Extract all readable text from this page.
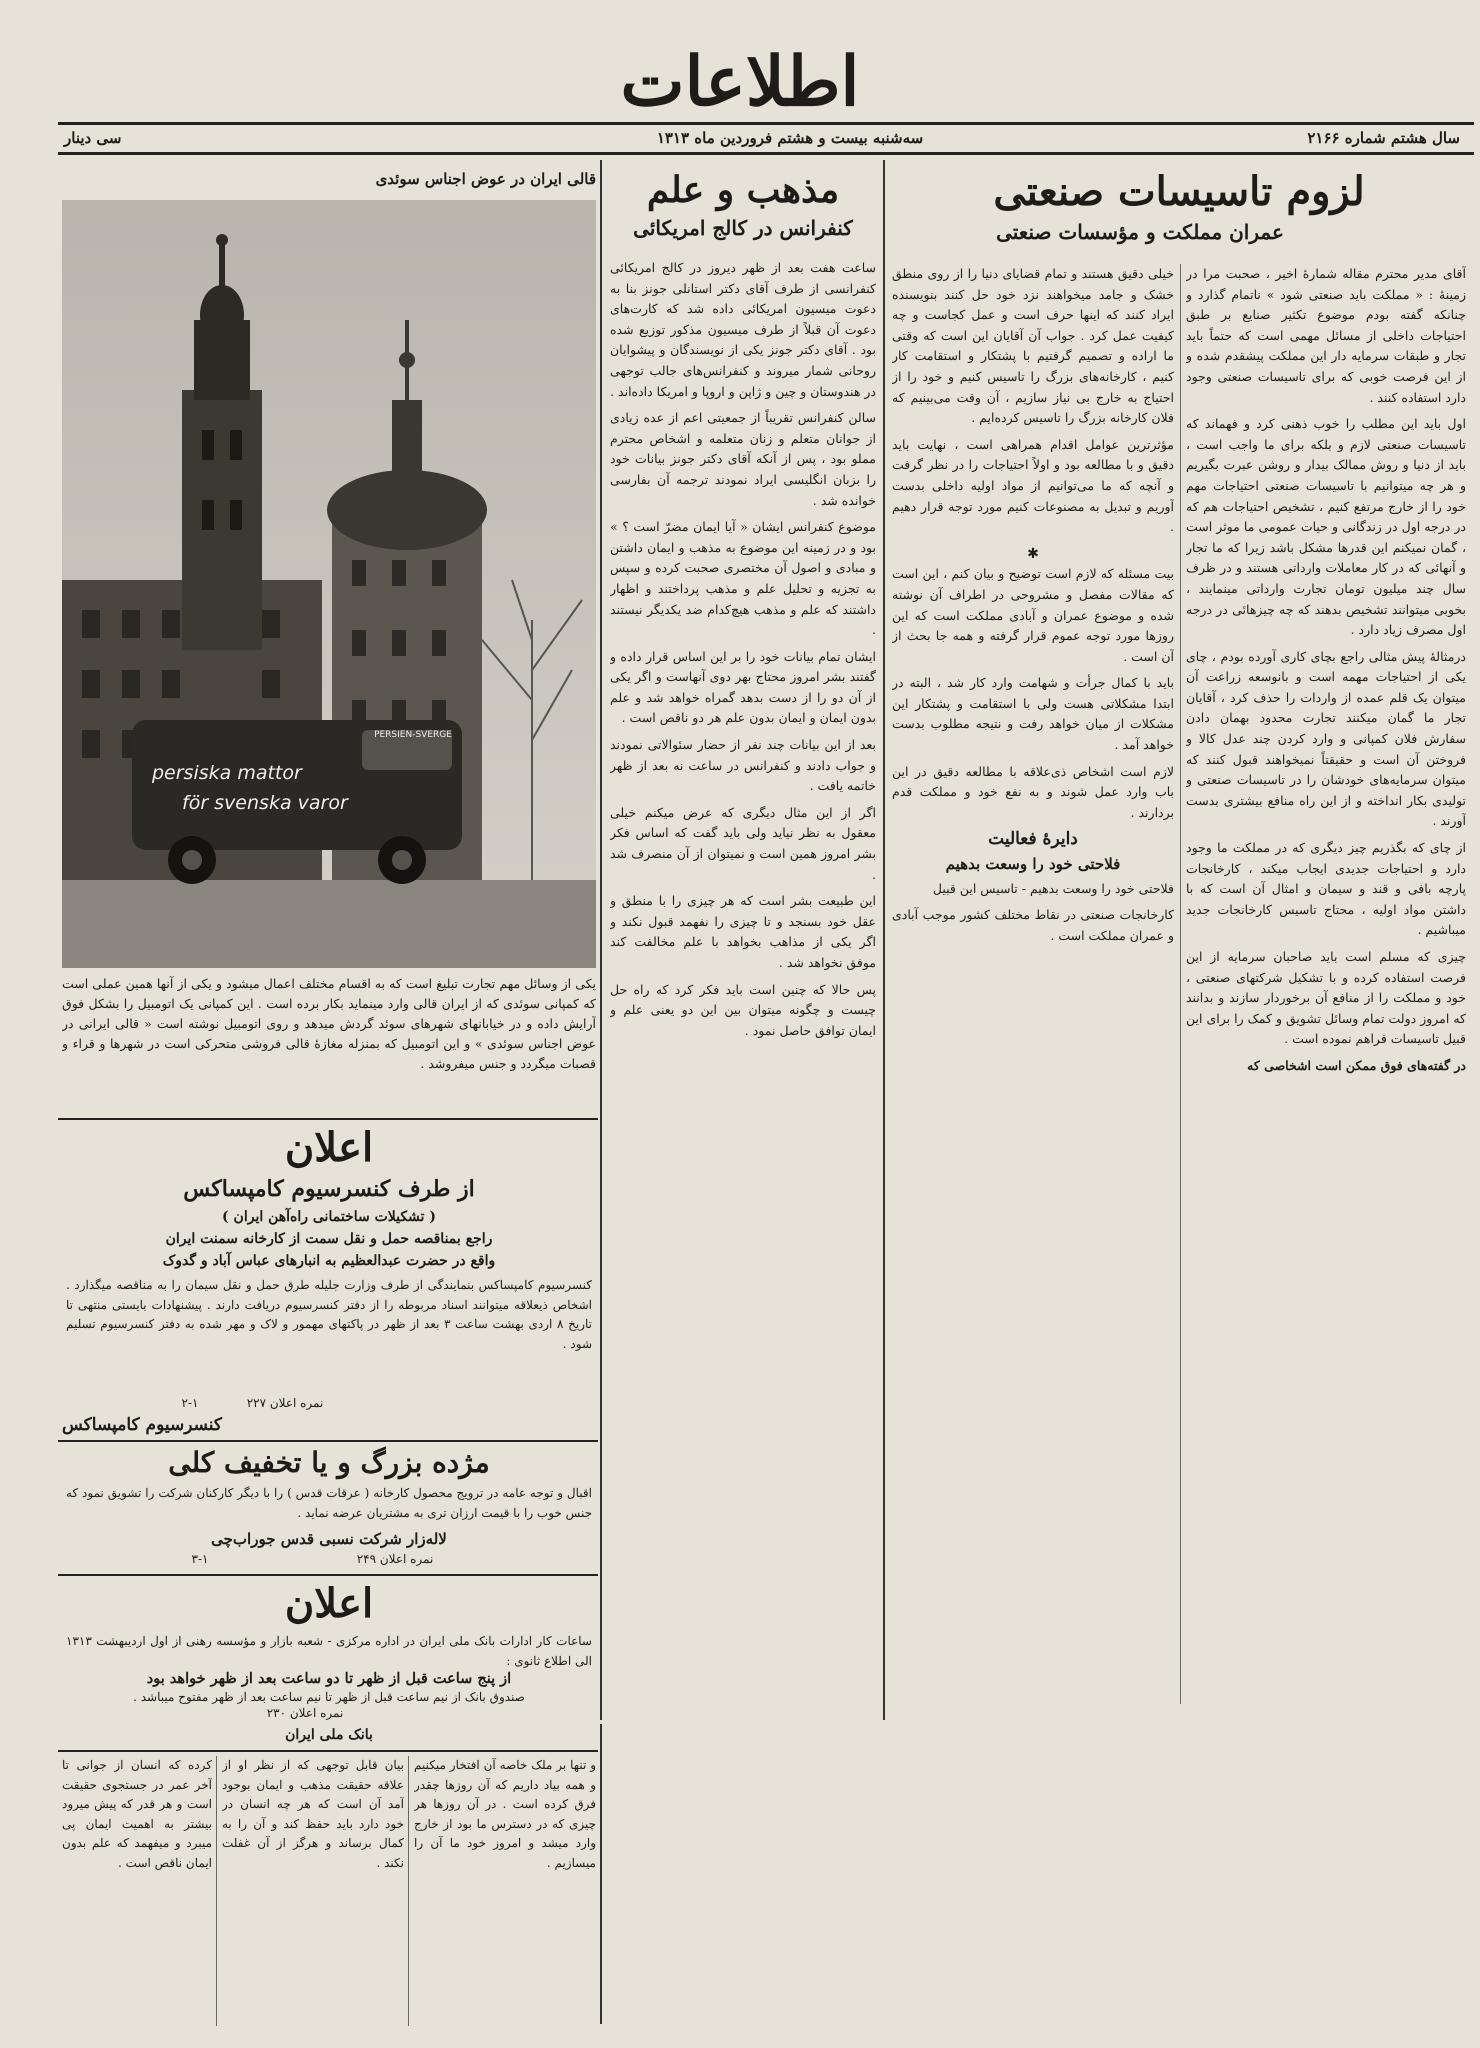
اطلاعات
سال هشتم شماره ۲۱۶۶
سه‌شنبه بیست و هشتم فروردین ماه ۱۳۱۳
سی دینار
لزوم تاسیسات صنعتی
عمران مملکت و مؤسسات صنعتی

آقای مدیر محترم مقاله شمارهٔ اخیر ، صحبت مرا در زمینهٔ : « مملکت باید صنعتی شود » ناتمام گذارد و چنانکه گفته بودم موضوع تکثیر صنایع بر طبق احتیاجات داخلی از مسائل مهمی است که حتماً باید تجار و طبقات سرمایه دار این مملکت پیشقدم شده و از این فرصت خوبی که برای تاسیسات صنعتی وجود دارد استفاده کنند .

اول باید این مطلب را خوب ذهنی کرد و فهماند که تاسیسات صنعتی لازم و بلکه برای ما واجب است ، باید از دنیا و روش ممالک بیدار و روشن عبرت بگیریم و هر چه میتوانیم با تاسیسات صنعتی احتیاجات مهم خود را از خارج مرتفع کنیم ، تشخیص احتیاجات هم که در درجه اول در زندگانی و حیات عمومی ما موثر است ، گمان نمیکنم این قدرها مشکل باشد زیرا که ما تجار و آنهائی که در کار معاملات وارداتی هستند و در ظرف سال چند میلیون تومان تجارت وارداتی مینمایند ، بخوبی میتوانند تشخیص بدهند که چه چیزهائی در درجه اول مصرف زیاد دارد .

درمثالهٔ پیش مثالی راجع بچای کاری آورده بودم ، چای یکی از احتیاجات مهمه است و بانوسعه زراعت آن میتوان یک قلم عمده از واردات را حذف کرد ، آقایان تجار ما گمان میکنند تجارت محدود بهمان دادن سفارش فلان کمپانی و وارد کردن چند عدل کالا و فروختن آن است و حقیقتاً نمیخواهند قبول کنند که میتوان سرمایه‌های خودشان را در تاسیسات صنعتی و تولیدی بکار انداخته و از این راه منافع بیشتری بدست آورند .

از چای که بگذریم چیز دیگری که در مملکت ما وجود دارد و احتیاجات جدیدی ایجاب میکند ، کارخانجات پارچه بافی و قند و سیمان و امثال آن است که با داشتن مواد اولیه ، محتاج تاسیس کارخانجات جدید میباشیم .

چیزی که مسلم است باید صاحبان سرمایه از این فرصت استفاده کرده و با تشکیل شرکتهای صنعتی ، خود و مملکت را از منافع آن برخوردار سازند و بدانند که امروز دولت تمام وسائل تشویق و کمک را برای این قبیل تاسیسات فراهم نموده است .

در گفته‌های فوق ممکن است اشخاصی که

خیلی دقیق هستند و تمام قضایای دنیا را از روی منطق خشک و جامد میخواهند نزد خود حل کنند بنویسنده ایراد کنند که اینها حرف است و عمل کجاست و چه کیفیت عمل کرد . جواب آن آقایان این است که وقتی ما اراده و تصمیم گرفتیم با پشتکار و استقامت کار کنیم ، کارخانه‌های بزرگ را تاسیس کنیم و خود را از احتیاج به خارج بی نیاز سازیم ، آن وقت می‌بینیم که فلان کارخانه بزرگ را تاسیس کرده‌ایم .

مؤثرترین عوامل اقدام همراهی است ، نهایت باید دقیق و با مطالعه بود و اولاً احتیاجات را در نظر گرفت و آنچه که ما می‌توانیم از مواد اولیه داخلی بدست آوریم و تبدیل به مصنوعات کنیم مورد توجه قرار دهیم .

✱

بیت مسئله که لازم است توضیح و بیان کنم ، این است که مقالات مفصل و مشروحی در اطراف آن نوشته شده و موضوع عمران و آبادی مملکت است که این روزها مورد توجه عموم قرار گرفته و همه جا بحث از آن است .

باید با کمال جرأت و شهامت وارد کار شد ، البته در ابتدا مشکلاتی هست ولی با استقامت و پشتکار این مشکلات از میان خواهد رفت و نتیجه مطلوب بدست خواهد آمد .

لازم است اشخاص ذی‌علاقه با مطالعه دقیق در این باب وارد عمل شوند و به نفع خود و مملکت قدم بردارند .

دایرهٔ فعالیت
فلاحتی خود را وسعت بدهیم

فلاحتی خود را وسعت بدهیم - تاسیس این قبیل

کارخانجات صنعتی در نقاط مختلف کشور موجب آبادی و عمران مملکت است .

مذهب و علم
کنفرانس در کالج امریکائی

ساعت هفت بعد از ظهر دیروز در کالج امریکائی کنفرانسی از طرف آقای دکتر استانلی جونز بنا به دعوت میسیون امریکائی داده شد که کارت‌های دعوت آن قبلاً از طرف میسیون مذکور توزیع شده بود . آقای دکتر جونز یکی از نویسندگان و پیشوایان روحانی شمار میروند و کنفرانس‌های جالب توجهی در هندوستان و چین و ژاپن و اروپا و امریکا داده‌اند .

سالن کنفرانس تقریباً از جمعیتی اعم از عده زیادی از جوانان متعلم و زنان متعلمه و اشخاص محترم مملو بود ، پس از آنکه آقای دکتر جونز بیانات خود را بزبان انگلیسی ایراد نمودند ترجمه آن بفارسی خوانده شد .

موضوع کنفرانس ایشان « آیا ایمان مضرّ است ؟ » بود و در زمینه این موضوع به مذهب و ایمان داشتن و مبادی و اصول آن مختصری صحبت کرده و سپس به تجزیه و تحلیل علم و مذهب پرداختند و اظهار داشتند که علم و مذهب هیچ‌کدام ضد یکدیگر نیستند .

ایشان تمام بیانات خود را بر این اساس قرار داده و گفتند بشر امروز محتاج بهر دوی آنهاست و اگر یکی از آن دو را از دست بدهد گمراه خواهد شد و علم بدون ایمان و ایمان بدون علم هر دو ناقص است .

بعد از این بیانات چند نفر از حضار سئوالاتی نمودند و جواب دادند و کنفرانس در ساعت نه بعد از ظهر خاتمه یافت .

اگر از این مثال دیگری که عرض میکنم خیلی معقول به نظر نیاید ولی باید گفت که اساس فکر بشر امروز همین است و نمیتوان از آن منصرف شد .

این طبیعت بشر است که هر چیزی را با منطق و عقل خود بسنجد و تا چیزی را نفهمد قبول نکند و اگر یکی از مذاهب بخواهد با علم مخالفت کند موفق نخواهد شد .

پس حالا که چنین است باید فکر کرد که راه حل چیست و چگونه میتوان بین این دو یعنی علم و ایمان توافق حاصل نمود .

قالی ایران در عوض اجناس سوئدی
PERSIEN-SVERGE
persiska mattor
för svenska varor
یکی از وسائل مهم تجارت تبلیغ است که به اقسام مختلف اعمال میشود و یکی از آنها همین عملی است که کمپانی سوئدی که از ایران قالی وارد مینماید بکار برده است . این کمپانی یک اتومبیل را بشکل فوق آرایش داده و در خیابانهای شهرهای سوئد گردش میدهد و روی اتومبیل نوشته است « قالی ایرانی در عوض اجناس سوئدی » و این اتومبیل که بمنزله مغازهٔ قالی فروشی متحرکی است در شهرها و قراء و قصبات میگردد و جنس میفروشد .
اعلان
از طرف کنسرسیوم کامپساکس
( تشکیلات ساختمانی راه‌آهن ایران )
راجع بمناقصه حمل و نقل سمت از کارخانه سمنت ایران
واقع در حضرت عبدالعظیم به انبارهای عباس آباد و گدوک
کنسرسیوم کامپساکس بنمایندگی از طرف وزارت جلیله طرق حمل و نقل سیمان را به مناقصه میگذارد . اشخاص ذیعلاقه میتوانند اسناد مربوطه را از دفتر کنسرسیوم دریافت دارند . پیشنهادات بایستی منتهی تا تاریخ ۸ اردی بهشت ساعت ۳ بعد از ظهر در پاکتهای مهمور و لاک و مهر شده به دفتر کنسرسیوم تسلیم شود .
نمره اعلان ۲۲۷
۲-۱
کنسرسیوم کامپساکس
مژده بزرگ و یا تخفیف کلی
اقبال و توجه عامه در ترویج محصول کارخانه ( عرقات قدس ) را با دیگر کارکنان شرکت را تشویق نمود که جنس خوب را با قیمت ارزان تری به مشتریان عرضه نماید .
لاله‌زار شرکت نسبی قدس جوراب‌چی
نمره اعلان ۲۴۹
۳-۱
اعلان
ساعات کار ادارات بانک ملی ایران در اداره مرکزی - شعبه بازار و مؤسسه رهنی از اول اردیبهشت ۱۳۱۳ الی اطلاع ثانوی :
از پنج ساعت قبل از ظهر تا دو ساعت بعد از ظهر خواهد بود
صندوق بانک از نیم ساعت قبل از ظهر تا نیم ساعت بعد از ظهر مفتوح میباشد .
نمره اعلان ۲۳۰
بانک ملی ایران
و تنها بر ملک خاصه آن افتخار میکنیم و همه بیاد داریم که آن روزها چقدر فرق کرده است . در آن روزها هر چیزی که در دسترس ما بود از خارج وارد میشد و امروز خود ما آن را میسازیم .
بیان قابل توجهی که از نظر او از علاقه حقیقت مذهب و ایمان بوجود آمد آن است که هر چه انسان در خود دارد باید حفظ کند و آن را به کمال برساند و هرگز از آن غفلت نکند .
کرده که انسان از جوانی تا آخر عمر در جستجوی حقیقت است و هر قدر که پیش میرود بیشتر به اهمیت ایمان پی میبرد و میفهمد که علم بدون ایمان ناقص است .
